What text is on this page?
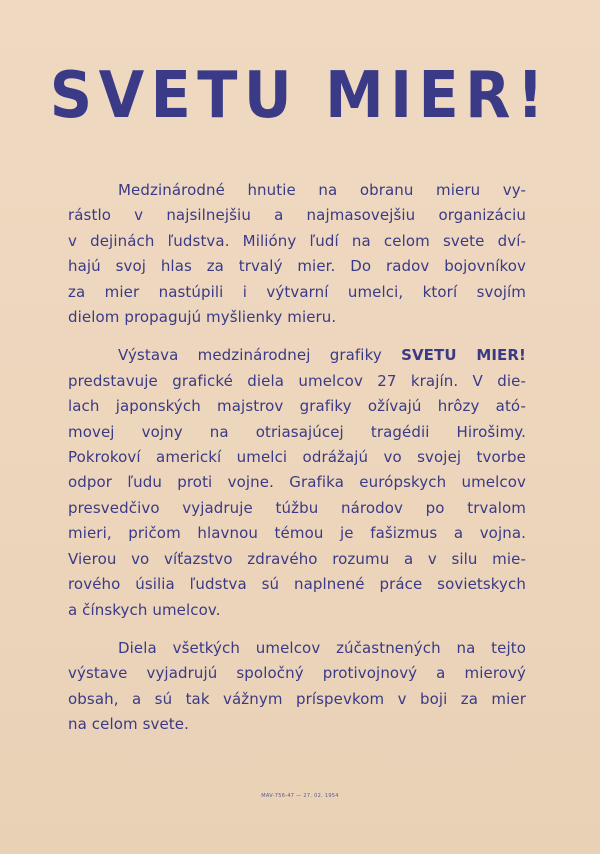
SVETU MIER!

Medzinárodné hnutie na obranu mieru vy-
rástlo v najsilnejšiu a najmasovejšiu organizáciu
v dejinách ľudstva. Milióny ľudí na celom svete dví-
hajú svoj hlas za trvalý mier. Do radov bojovníkov
za mier nastúpili i výtvarní umelci, ktorí svojím
dielom propagujú myšlienky mieru.

Výstava medzinárodnej grafiky SVETU MIER!
predstavuje grafické diela umelcov 27 krajín. V die-
lach japonských majstrov grafiky ožívajú hrôzy ató-
movej vojny na otriasajúcej tragédii Hirošimy.
Pokrokoví americkí umelci odrážajú vo svojej tvorbe
odpor ľudu proti vojne. Grafika európskych umelcov
presvedčivo vyjadruje túžbu národov po trvalom
mieri, pričom hlavnou témou je fašizmus a vojna.
Vierou vo víťazstvo zdravého rozumu a v silu mie-
rového úsilia ľudstva sú naplnené práce sovietskych
a čínskych umelcov.

Diela všetkých umelcov zúčastnených na tejto
výstave vyjadrujú spoločný protivojnový a mierový
obsah, a sú tak vážnym príspevkom v boji za mier
na celom svete.

MAV-756-47 — 27. 02. 1954
